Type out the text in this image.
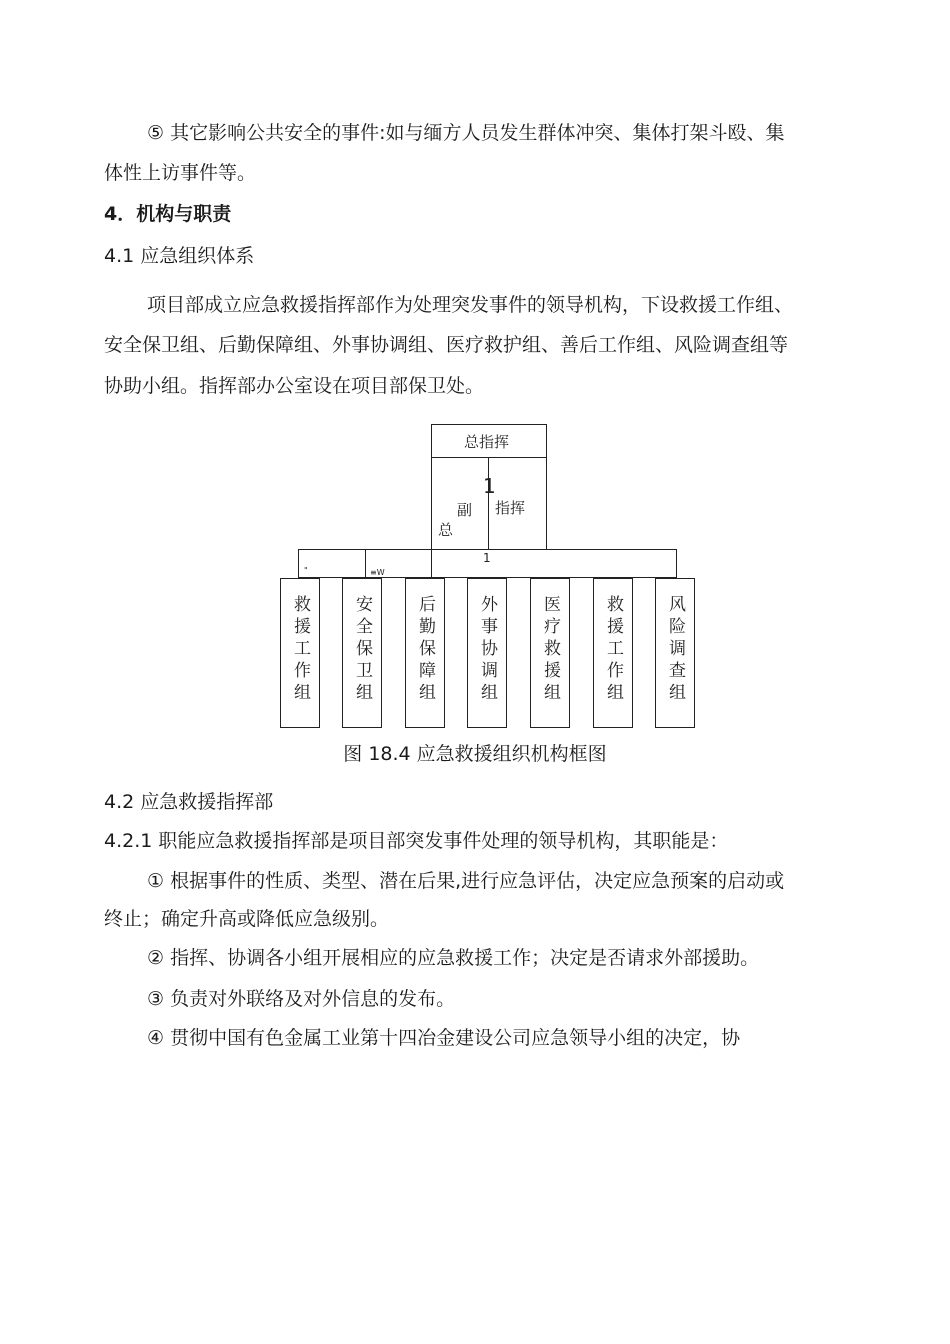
⑤ 其它影响公共安全的事件:如与缅方人员发生群体冲突、集体打架斗殴、集
体性上访事件等。
4．机构与职责
4.1 应急组织体系
项目部成立应急救援指挥部作为处理突发事件的领导机构，下设救援工作组、
安全保卫组、后勤保障组、外事协调组、医疗救护组、善后工作组、风险调查组等
协助小组。指挥部办公室设在项目部保卫处。
总指挥
1
副
总
指挥
"	≡W
1
救援工作组	安全保卫组	后勤保障组	外事协调组	医疗救援组	救援工作组	风险调查组
图 18.4 应急救援组织机构框图
4.2 应急救援指挥部
4.2.1 职能应急救援指挥部是项目部突发事件处理的领导机构，其职能是：
① 根据事件的性质、类型、潜在后果,进行应急评估，决定应急预案的启动或
终止；确定升高或降低应急级别。
② 指挥、协调各小组开展相应的应急救援工作；决定是否请求外部援助。
③ 负责对外联络及对外信息的发布。
④ 贯彻中国有色金属工业第十四冶金建设公司应急领导小组的决定，协
